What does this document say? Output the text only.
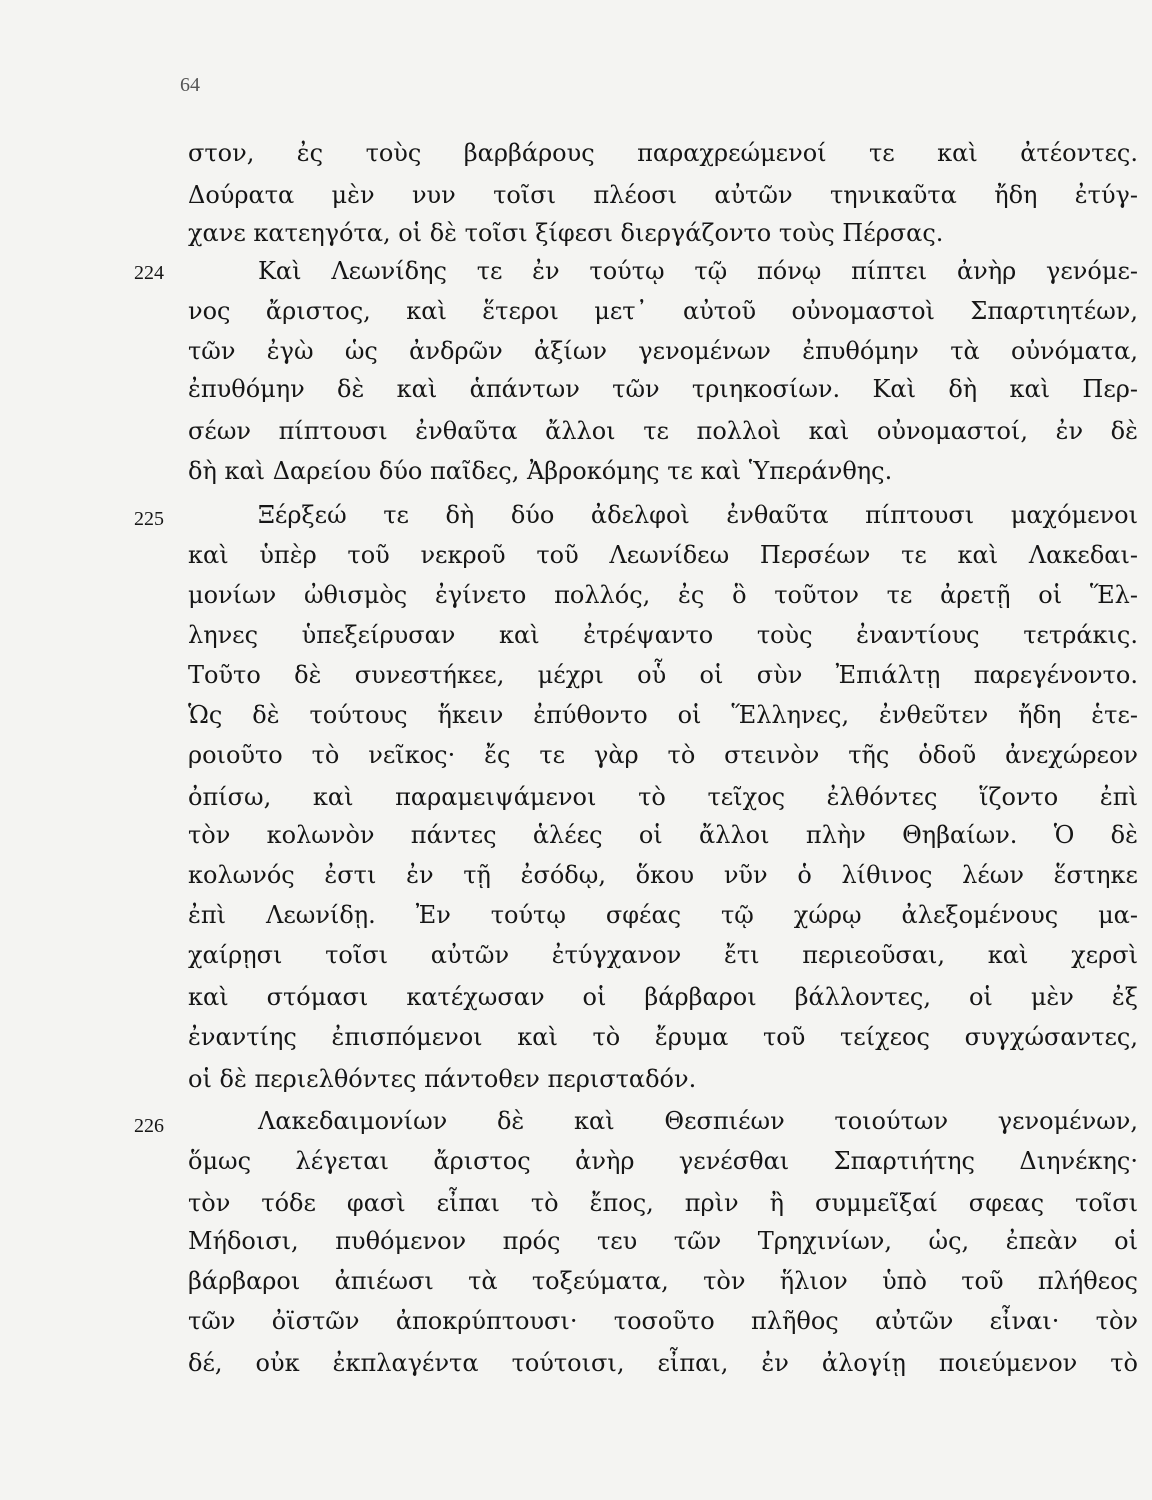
64
224
225
226
στον, ἐς τοὺς βαρβάρους παραχρεώμενοί τε καὶ ἀτέοντες.
Δούρατα μὲν νυν τοῖσι πλέοσι αὐτῶν τηνικαῦτα ἤδη ἐτύγ-
χανε κατεηγότα, οἱ δὲ τοῖσι ξίφεσι διεργάζοντο τοὺς Πέρσας.
Καὶ Λεωνίδης τε ἐν τούτῳ τῷ πόνῳ πίπτει ἀνὴρ γενόμε-
νος ἄριστος, καὶ ἕτεροι μετ᾽ αὐτοῦ οὐνομαστοὶ Σπαρτιητέων,
τῶν ἐγὼ ὡς ἀνδρῶν ἀξίων γενομένων ἐπυθόμην τὰ οὐνόματα,
ἐπυθόμην δὲ καὶ ἁπάντων τῶν τριηκοσίων. Καὶ δὴ καὶ Περ-
σέων πίπτουσι ἐνθαῦτα ἄλλοι τε πολλοὶ καὶ οὐνομαστοί, ἐν δὲ
δὴ καὶ Δαρείου δύο παῖδες, Ἀβροκόμης τε καὶ Ὑπεράνθης.
Ξέρξεώ τε δὴ δύο ἀδελφοὶ ἐνθαῦτα πίπτουσι μαχόμενοι
καὶ ὑπὲρ τοῦ νεκροῦ τοῦ Λεωνίδεω Περσέων τε καὶ Λακεδαι-
μονίων ὠθισμὸς ἐγίνετο πολλός, ἐς ὃ τοῦτον τε ἀρετῇ οἱ Ἕλ-
ληνες ὑπεξείρυσαν καὶ ἐτρέψαντο τοὺς ἐναντίους τετράκις.
Τοῦτο δὲ συνεστήκεε, μέχρι οὗ οἱ σὺν Ἐπιάλτῃ παρεγένοντο.
Ὡς δὲ τούτους ἥκειν ἐπύθοντο οἱ Ἕλληνες, ἐνθεῦτεν ἤδη ἑτε-
ροιοῦτο τὸ νεῖκος· ἔς τε γὰρ τὸ στεινὸν τῆς ὁδοῦ ἀνεχώρεον
ὀπίσω, καὶ παραμειψάμενοι τὸ τεῖχος ἐλθόντες ἵζοντο ἐπὶ
τὸν κολωνὸν πάντες ἁλέες οἱ ἄλλοι πλὴν Θηβαίων. Ὁ δὲ
κολωνός ἐστι ἐν τῇ ἐσόδῳ, ὅκου νῦν ὁ λίθινος λέων ἕστηκε
ἐπὶ Λεωνίδῃ. Ἐν τούτῳ σφέας τῷ χώρῳ ἀλεξομένους μα-
χαίρῃσι τοῖσι αὐτῶν ἐτύγχανον ἔτι περιεοῦσαι, καὶ χερσὶ
καὶ στόμασι κατέχωσαν οἱ βάρβαροι βάλλοντες, οἱ μὲν ἐξ
ἐναντίης ἐπισπόμενοι καὶ τὸ ἔρυμα τοῦ τείχεος συγχώσαντες,
οἱ δὲ περιελθόντες πάντοθεν περισταδόν.
Λακεδαιμονίων δὲ καὶ Θεσπιέων τοιούτων γενομένων,
ὅμως λέγεται ἄριστος ἀνὴρ γενέσθαι Σπαρτιήτης Διηνέκης·
τὸν τόδε φασὶ εἶπαι τὸ ἔπος, πρὶν ἢ συμμεῖξαί σφεας τοῖσι
Μήδοισι, πυθόμενον πρός τευ τῶν Τρηχινίων, ὡς, ἐπεὰν οἱ
βάρβαροι ἀπιέωσι τὰ τοξεύματα, τὸν ἥλιον ὑπὸ τοῦ πλήθεος
τῶν ὀϊστῶν ἀποκρύπτουσι· τοσοῦτο πλῆθος αὐτῶν εἶναι· τὸν
δέ, οὐκ ἐκπλαγέντα τούτοισι, εἶπαι, ἐν ἀλογίῃ ποιεύμενον τὸ
